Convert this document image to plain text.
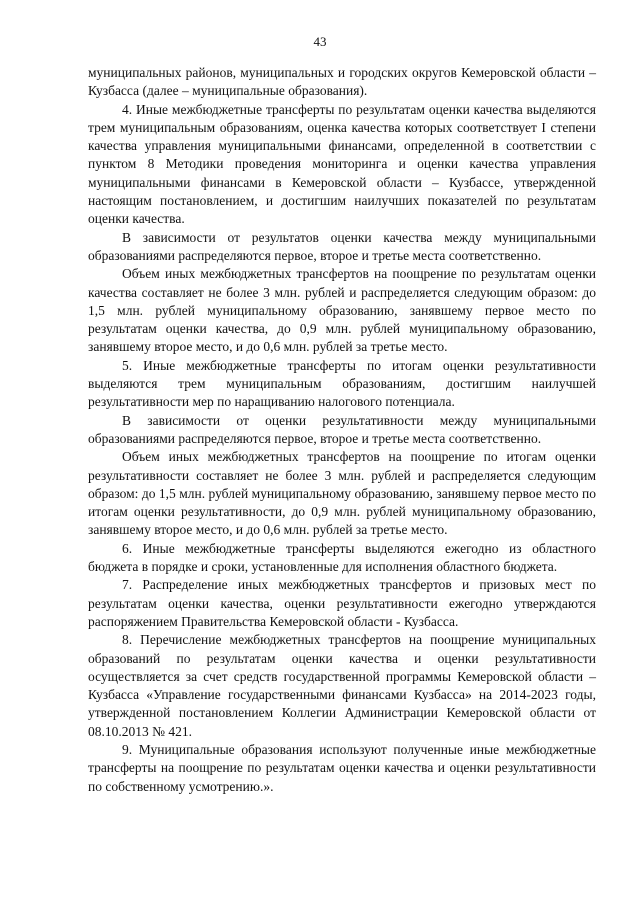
43

муниципальных районов, муниципальных и городских округов Кемеровской области – Кузбасса (далее – муниципальные образования).

4. Иные межбюджетные трансферты по результатам оценки качества выделяются трем муниципальным образованиям, оценка качества которых соответствует I степени качества управления муниципальными финансами, определенной в соответствии с пунктом 8 Методики проведения мониторинга и оценки качества управления муниципальными финансами в Кемеровской области – Кузбассе, утвержденной настоящим постановлением, и достигшим наилучших показателей по результатам оценки качества.

В зависимости от результатов оценки качества между муниципальными образованиями распределяются первое, второе и третье места соответственно.

Объем иных межбюджетных трансфертов на поощрение по результатам оценки качества составляет не более 3 млн. рублей и распределяется следующим образом: до 1,5 млн. рублей муниципальному образованию, занявшему первое место по результатам оценки качества, до 0,9 млн. рублей муниципальному образованию, занявшему второе место, и до 0,6 млн. рублей за третье место.

5. Иные межбюджетные трансферты по итогам оценки результативности выделяются трем муниципальным образованиям, достигшим наилучшей результативности мер по наращиванию налогового потенциала.

В зависимости от оценки результативности между муниципальными образованиями распределяются первое, второе и третье места соответственно.

Объем иных межбюджетных трансфертов на поощрение по итогам оценки результативности составляет не более 3 млн. рублей и распределяется следующим образом: до 1,5 млн. рублей муниципальному образованию, занявшему первое место по итогам оценки результативности, до 0,9 млн. рублей муниципальному образованию, занявшему второе место, и до 0,6 млн. рублей за третье место.

6. Иные межбюджетные трансферты выделяются ежегодно из областного бюджета в порядке и сроки, установленные для исполнения областного бюджета.

7. Распределение иных межбюджетных трансфертов и призовых мест по результатам оценки качества, оценки результативности ежегодно утверждаются распоряжением Правительства Кемеровской области - Кузбасса.

8. Перечисление межбюджетных трансфертов на поощрение муниципальных образований по результатам оценки качества и оценки результативности осуществляется за счет средств государственной программы Кемеровской области – Кузбасса «Управление государственными финансами Кузбасса» на 2014-2023 годы, утвержденной постановлением Коллегии Администрации Кемеровской области от 08.10.2013 № 421.

9. Муниципальные образования используют полученные иные межбюджетные трансферты на поощрение по результатам оценки качества и оценки результативности по собственному усмотрению.».
